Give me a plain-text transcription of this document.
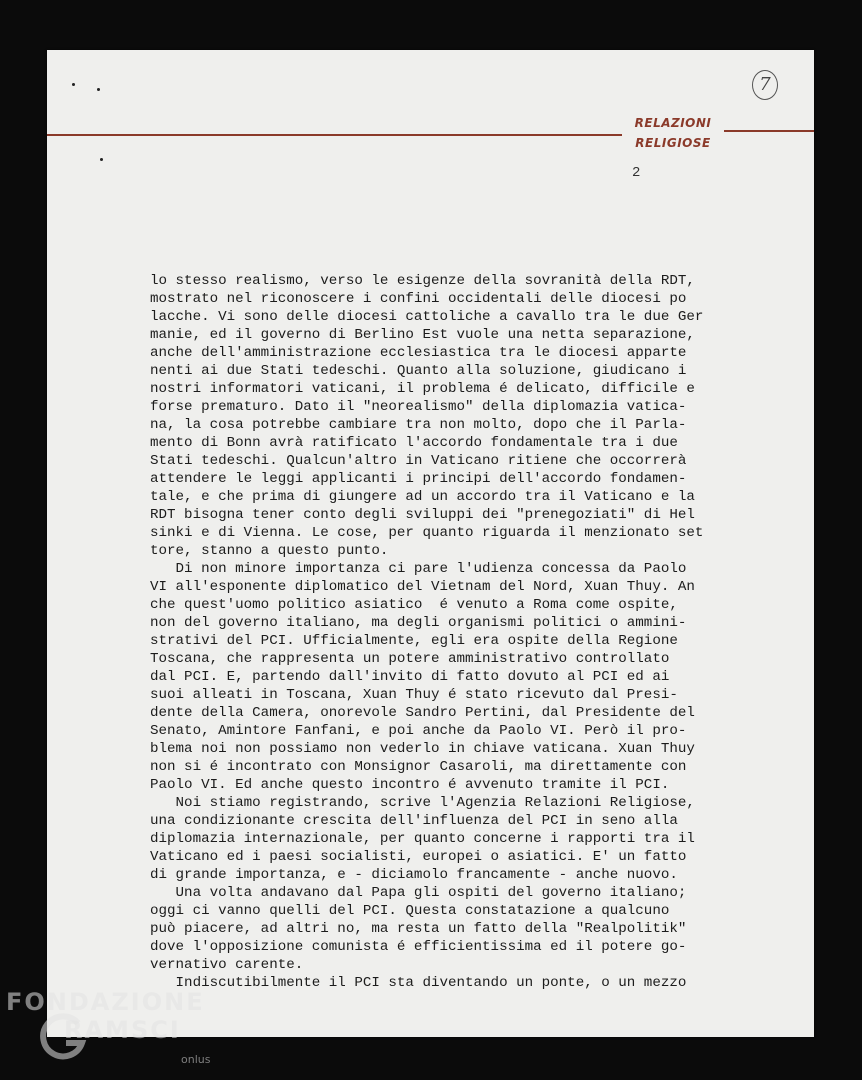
RELAZIONI
RELIGIOSE
7
2
lo stesso realismo, verso le esigenze della sovranità della RDT,
mostrato nel riconoscere i confini occidentali delle diocesi po
lacche. Vi sono delle diocesi cattoliche a cavallo tra le due Ger
manie, ed il governo di Berlino Est vuole una netta separazione,
anche dell'amministrazione ecclesiastica tra le diocesi apparte
nenti ai due Stati tedeschi. Quanto alla soluzione, giudicano i
nostri informatori vaticani, il problema é delicato, difficile e
forse prematuro. Dato il "neorealismo" della diplomazia vatica-
na, la cosa potrebbe cambiare tra non molto, dopo che il Parla-
mento di Bonn avrà ratificato l'accordo fondamentale tra i due
Stati tedeschi. Qualcun'altro in Vaticano ritiene che occorrerà
attendere le leggi applicanti i principi dell'accordo fondamen-
tale, e che prima di giungere ad un accordo tra il Vaticano e la
RDT bisogna tener conto degli sviluppi dei "prenegoziati" di Hel
sinki e di Vienna. Le cose, per quanto riguarda il menzionato set
tore, stanno a questo punto.
Di non minore importanza ci pare l'udienza concessa da Paolo
VI all'esponente diplomatico del Vietnam del Nord, Xuan Thuy. An
che quest'uomo politico asiatico  é venuto a Roma come ospite,
non del governo italiano, ma degli organismi politici o ammini-
strativi del PCI. Ufficialmente, egli era ospite della Regione
Toscana, che rappresenta un potere amministrativo controllato
dal PCI. E, partendo dall'invito di fatto dovuto al PCI ed ai
suoi alleati in Toscana, Xuan Thuy é stato ricevuto dal Presi-
dente della Camera, onorevole Sandro Pertini, dal Presidente del
Senato, Amintore Fanfani, e poi anche da Paolo VI. Però il pro-
blema noi non possiamo non vederlo in chiave vaticana. Xuan Thuy
non si é incontrato con Monsignor Casaroli, ma direttamente con
Paolo VI. Ed anche questo incontro é avvenuto tramite il PCI.
Noi stiamo registrando, scrive l'Agenzia Relazioni Religiose,
una condizionante crescita dell'influenza del PCI in seno alla
diplomazia internazionale, per quanto concerne i rapporti tra il
Vaticano ed i paesi socialisti, europei o asiatici. E' un fatto
di grande importanza, e - diciamolo francamente - anche nuovo.
Una volta andavano dal Papa gli ospiti del governo italiano;
oggi ci vanno quelli del PCI. Questa constatazione a qualcuno
può piacere, ad altri no, ma resta un fatto della "Realpolitik"
dove l'opposizione comunista é efficientissima ed il potere go-
vernativo carente.
Indiscutibilmente il PCI sta diventando un ponte, o un mezzo
FONDAZIONE
RAMSCI
onlus
